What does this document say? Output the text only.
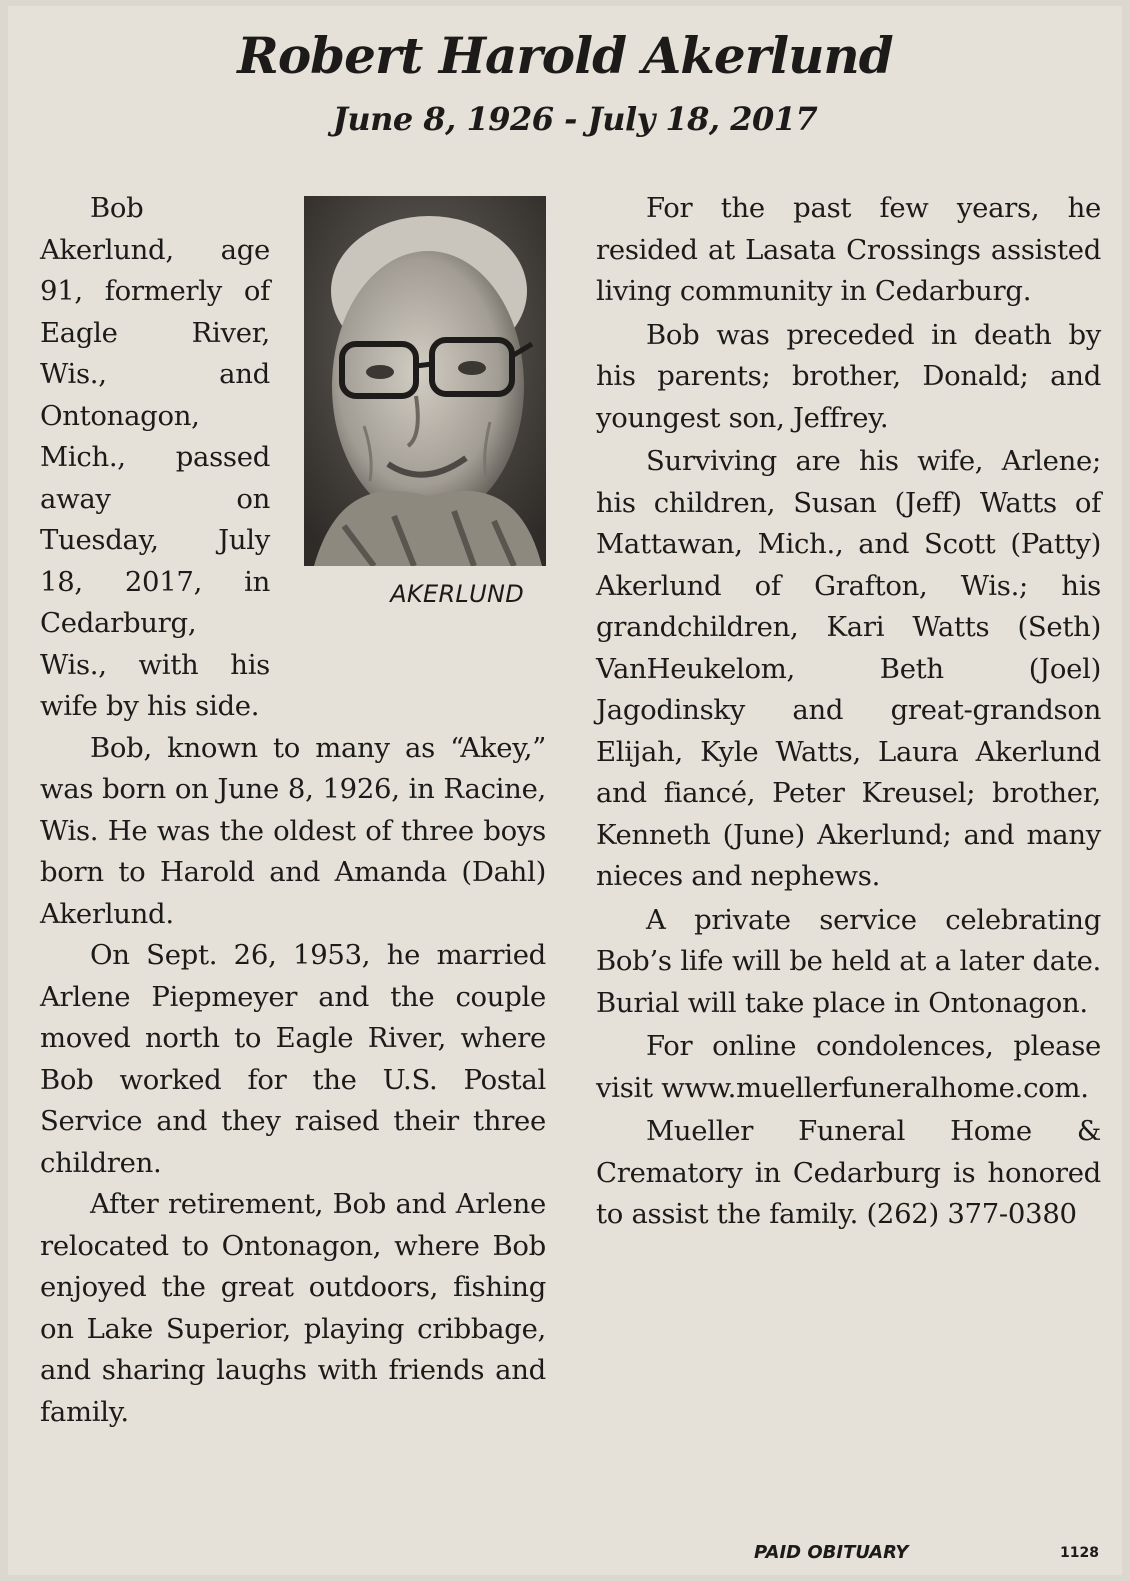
Robert Harold Akerlund
June 8, 1926 - July 18, 2017
AKERLUND

Bob Akerlund, age 91, formerly of Eagle River, Wis., and Ontonagon, Mich., passed away on Tuesday, July 18, 2017, in Cedarburg, Wis., with his wife by his side.

Bob, known to many as “Akey,” was born on June 8, 1926, in Racine, Wis. He was the oldest of three boys born to Harold and Amanda (Dahl) Akerlund.

On Sept. 26, 1953, he married Arlene Piepmeyer and the couple moved north to Eagle River, where Bob worked for the U.S. Postal Service and they raised their three children.

After retirement, Bob and Arlene relocated to Ontonagon, where Bob enjoyed the great outdoors, fishing on Lake Superior, playing cribbage, and sharing laughs with friends and family.

For the past few years, he resided at Lasata Crossings assisted living community in Cedarburg.

Bob was preceded in death by his parents; brother, Donald; and youngest son, Jeffrey.

Surviving are his wife, Arlene; his children, Susan (Jeff) Watts of Mattawan, Mich., and Scott (Patty) Akerlund of Grafton, Wis.; his grandchildren, Kari Watts (Seth) VanHeukelom, Beth (Joel) Jagodinsky and great-grandson Elijah, Kyle Watts, Laura Akerlund and fiancé, Peter Kreusel; brother, Kenneth (June) Akerlund; and many nieces and nephews.

A private service celebrating Bob’s life will be held at a later date. Burial will take place in Ontonagon.

For online condolences, please visit www.muellerfuneralhome.com.

Mueller Funeral Home & Crematory in Cedarburg is honored to assist the family. (262) 377-0380

PAID OBITUARY	1128
